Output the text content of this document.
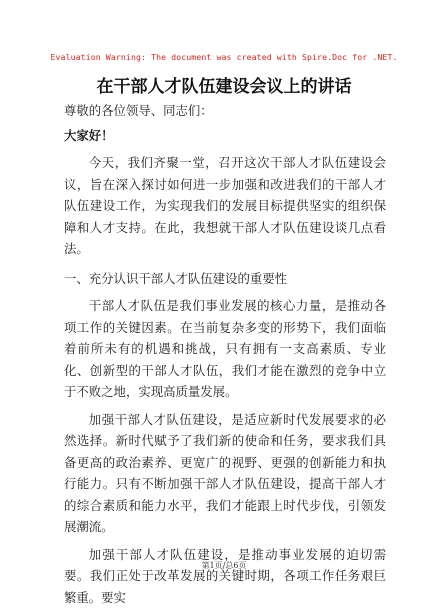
Evaluation Warning: The document was created with Spire.Doc for .NET.
在干部人才队伍建设会议上的讲话

尊敬的各位领导、同志们：

大家好！

今天，我们齐聚一堂，召开这次干部人才队伍建设会议，旨在深入探讨如何进一步加强和改进我们的干部人才队伍建设工作，为实现我们的发展目标提供坚实的组织保障和人才支持。在此，我想就干部人才队伍建设谈几点看法。

一、充分认识干部人才队伍建设的重要性

干部人才队伍是我们事业发展的核心力量，是推动各项工作的关键因素。在当前复杂多变的形势下，我们面临着前所未有的机遇和挑战，只有拥有一支高素质、专业化、创新型的干部人才队伍，我们才能在激烈的竞争中立于不败之地，实现高质量发展。

加强干部人才队伍建设，是适应新时代发展要求的必然选择。新时代赋予了我们新的使命和任务，要求我们具备更高的政治素养、更宽广的视野、更强的创新能力和执行能力。只有不断加强干部人才队伍建设，提高干部人才的综合素质和能力水平，我们才能跟上时代步伐，引领发展潮流。

加强干部人才队伍建设，是推动事业发展的迫切需要。我们正处于改革发展的关键时期，各项工作任务艰巨繁重。要实

第1页/总6页
